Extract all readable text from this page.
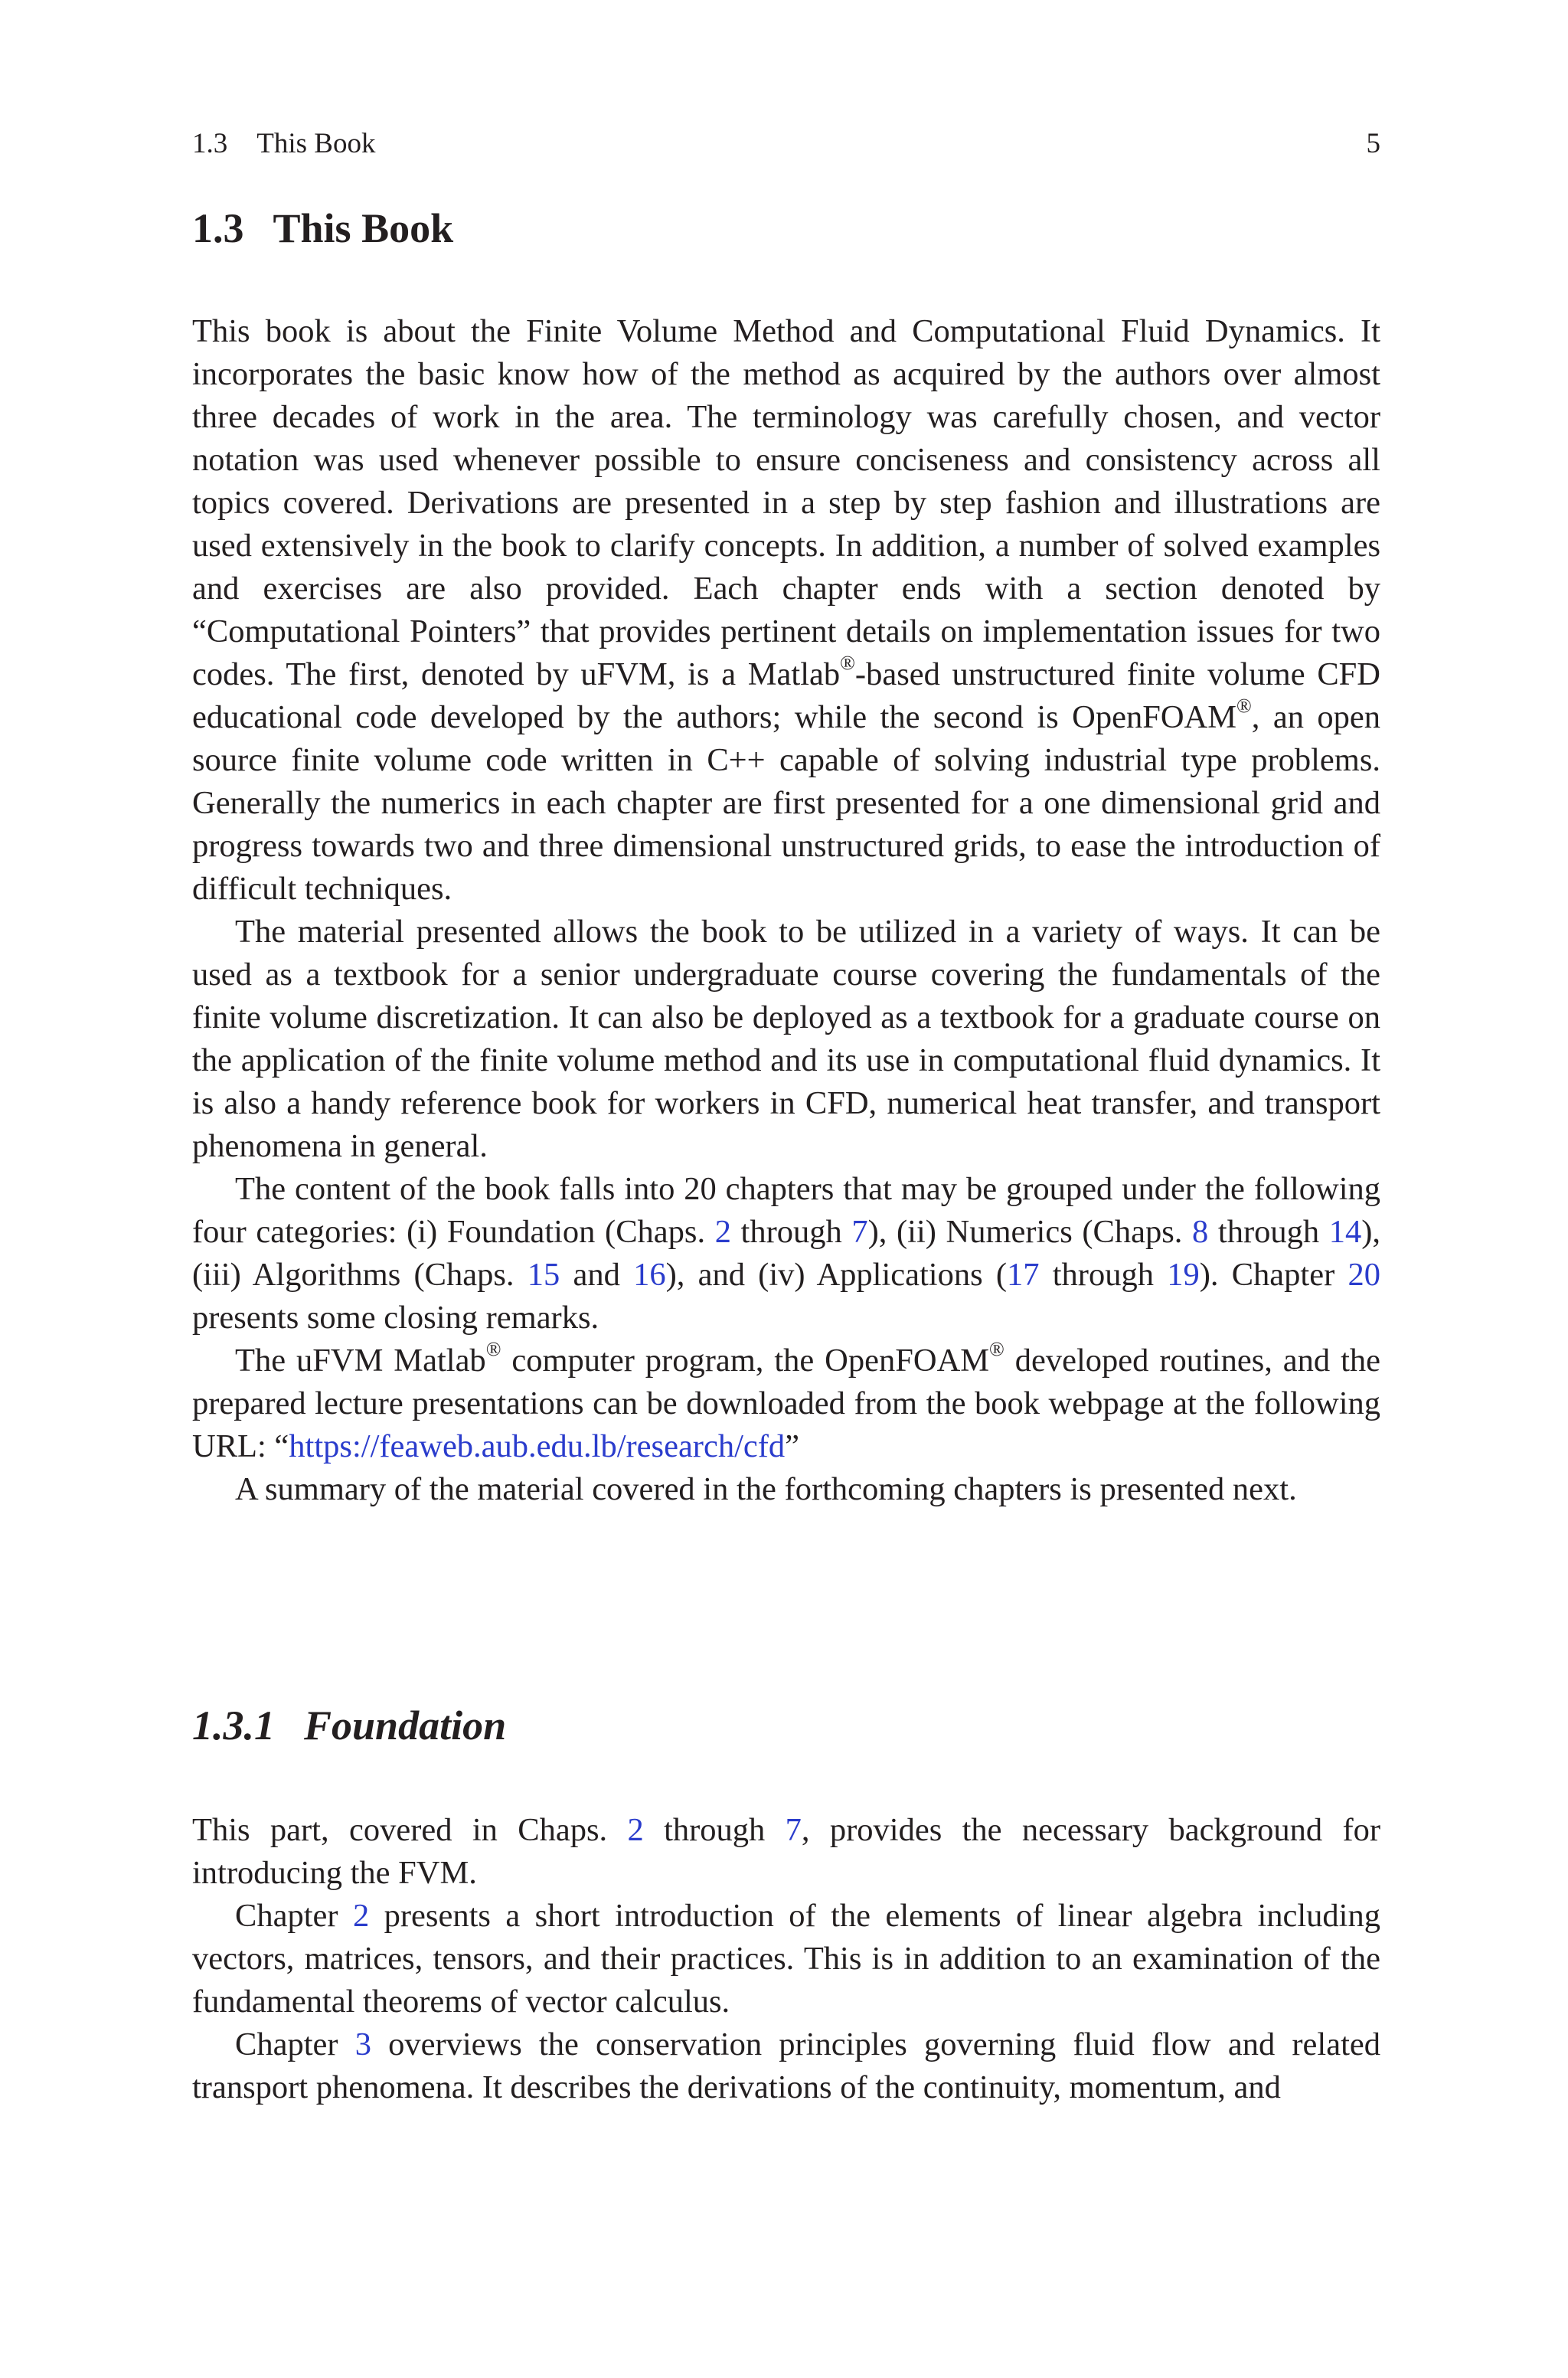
1.3 This Book	5
1.3 This Book

This book is about the Finite Volume Method and Computational Fluid Dynamics. It incorporates the basic know how of the method as acquired by the authors over almost three decades of work in the area. The terminology was carefully chosen, and vector notation was used whenever possible to ensure conciseness and consistency across all topics covered. Derivations are presented in a step by step fashion and illustrations are used extensively in the book to clarify concepts. In addition, a number of solved examples and exercises are also provided. Each chapter ends with a section denoted by “Computational Pointers” that provides pertinent details on implementation issues for two codes. The first, denoted by uFVM, is a Matlab®-based unstructured finite volume CFD educational code developed by the authors; while the second is OpenFOAM®, an open source finite volume code written in C++ capable of solving industrial type problems. Generally the numerics in each chapter are first presented for a one dimensional grid and progress towards two and three dimensional unstructured grids, to ease the introduction of difficult techniques.

The material presented allows the book to be utilized in a variety of ways. It can be used as a textbook for a senior undergraduate course covering the fundamentals of the finite volume discretization. It can also be deployed as a textbook for a graduate course on the application of the finite volume method and its use in computational fluid dynamics. It is also a handy reference book for workers in CFD, numerical heat transfer, and transport phenomena in general.

The content of the book falls into 20 chapters that may be grouped under the following four categories: (i) Foundation (Chaps. 2 through 7), (ii) Numerics (Chaps. 8 through 14), (iii) Algorithms (Chaps. 15 and 16), and (iv) Applications (17 through 19). Chapter 20 presents some closing remarks.

The uFVM Matlab® computer program, the OpenFOAM® developed routines, and the prepared lecture presentations can be downloaded from the book webpage at the following URL: “https://feaweb.aub.edu.lb/research/cfd”

A summary of the material covered in the forthcoming chapters is presented next.

1.3.1 Foundation

This part, covered in Chaps. 2 through 7, provides the necessary background for introducing the FVM.

Chapter 2 presents a short introduction of the elements of linear algebra including vectors, matrices, tensors, and their practices. This is in addition to an examination of the fundamental theorems of vector calculus.

Chapter 3 overviews the conservation principles governing fluid flow and related transport phenomena. It describes the derivations of the continuity, momentum, and
